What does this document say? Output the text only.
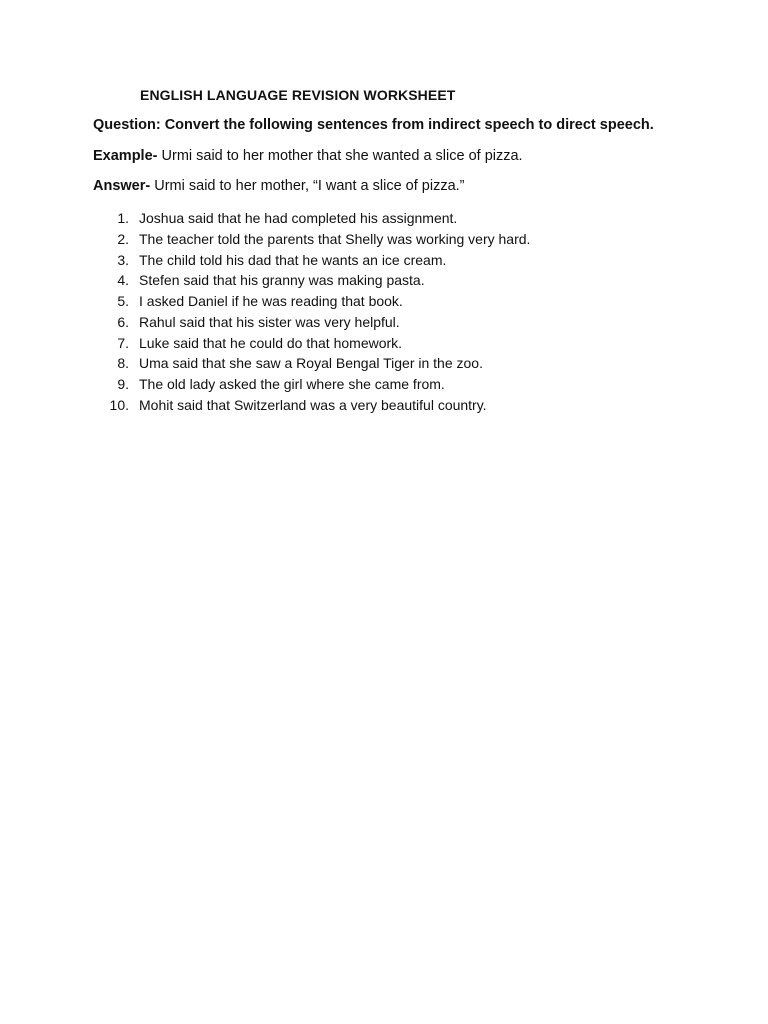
ENGLISH LANGUAGE REVISION WORKSHEET
Question: Convert the following sentences from indirect speech to direct speech.
Example- Urmi said to her mother that she wanted a slice of pizza.
Answer- Urmi said to her mother, “I want a slice of pizza.”
1. Joshua said that he had completed his assignment.
2. The teacher told the parents that Shelly was working very hard.
3. The child told his dad that he wants an ice cream.
4. Stefen said that his granny was making pasta.
5. I asked Daniel if he was reading that book.
6. Rahul said that his sister was very helpful.
7. Luke said that he could do that homework.
8. Uma said that she saw a Royal Bengal Tiger in the zoo.
9. The old lady asked the girl where she came from.
10. Mohit said that Switzerland was a very beautiful country.
